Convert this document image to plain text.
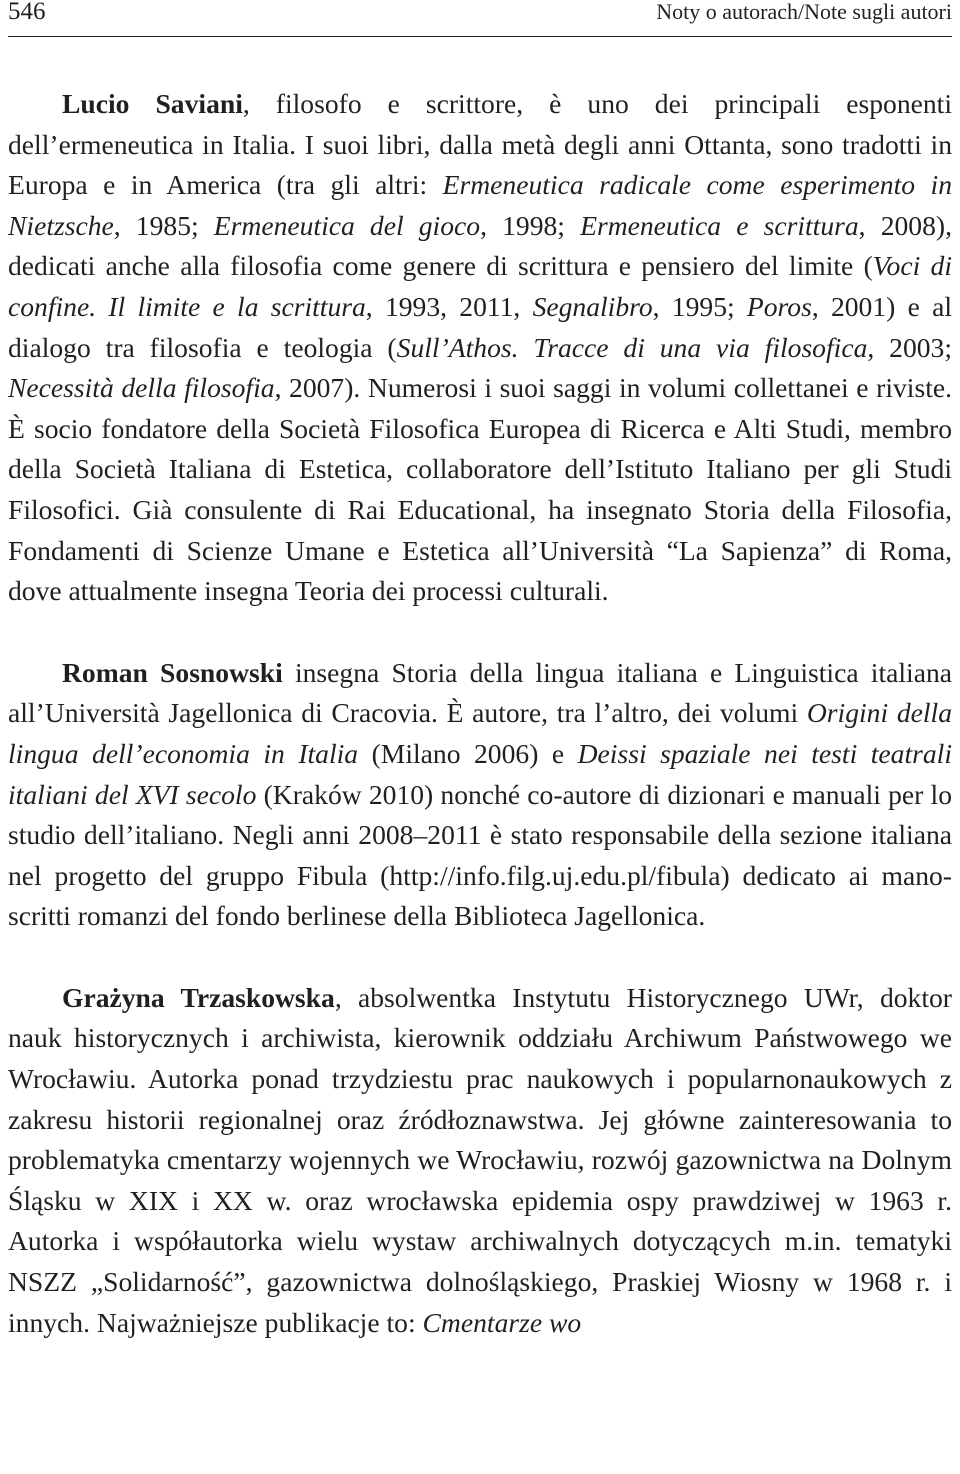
546	Noty o autorach/Note sugli autori

Lucio Saviani, filosofo e scrittore, è uno dei principali esponenti dell’ermeneutica in Italia. I suoi libri, dalla metà degli anni Ottanta, sono tradotti in Europa e in America (tra gli altri: Ermeneutica radicale come esperimento in Nietzsche, 1985; Ermeneutica del gioco, 1998; Ermeneutica e scrittura, 2008), dedicati anche alla filosofia come genere di scrittura e pensiero del limite (Voci di confine. Il limite e la scrittura, 1993, 2011, Segnalibro, 1995; Poros, 2001) e al dialogo tra filosofia e teologia (Sull’Athos. Tracce di una via filosofica, 2003; Necessità della filosofia, 2007). Numerosi i suoi saggi in volumi collettanei e riviste. È socio fondatore della Società Filosofica Europea di Ricerca e Alti Studi, membro della Società Italiana di Estetica, collaboratore dell’Istituto Italiano per gli Studi Filosofici. Già consulente di Rai Educational, ha insegnato Storia della Filosofia, Fondamenti di Scienze Umane e Estetica all’Università “La Sapienza” di Roma, dove attualmente insegna Teoria dei processi culturali.

Roman Sosnowski insegna Storia della lingua italiana e Linguistica italiana all’Università Jagellonica di Cracovia. È autore, tra l’altro, dei volumi Origini della lingua dell’economia in Italia (Milano 2006) e Deissi spaziale nei testi teatrali italiani del XVI secolo (Kraków 2010) nonché co-autore di dizionari e manuali per lo studio dell’italiano. Negli anni 2008–2011 è stato responsabile della sezione italiana nel progetto del gruppo Fibula (http://info.filg.uj.edu.pl/fibula) dedicato ai manoscritti romanzi del fondo berlinese della Biblioteca Jagellonica.

Grażyna Trzaskowska, absolwentka Instytutu Historycznego UWr, doktor nauk historycznych i archiwista, kierownik oddziału Archiwum Państwowego we Wrocławiu. Autorka ponad trzydziestu prac naukowych i popularnonaukowych z zakresu historii regionalnej oraz źródłoznawstwa. Jej główne zainteresowania to problematyka cmentarzy wojennych we Wrocławiu, rozwój gazownictwa na Dolnym Śląsku w XIX i XX w. oraz wrocławska epidemia ospy prawdziwej w 1963 r. Autorka i współautorka wielu wystaw archiwalnych dotyczących m.in. tematyki NSZZ „Solidarność”, gazownictwa dolnośląskiego, Praskiej Wiosny w 1968 r. i innych. Najważniejsze publikacje to: Cmentarze wo
